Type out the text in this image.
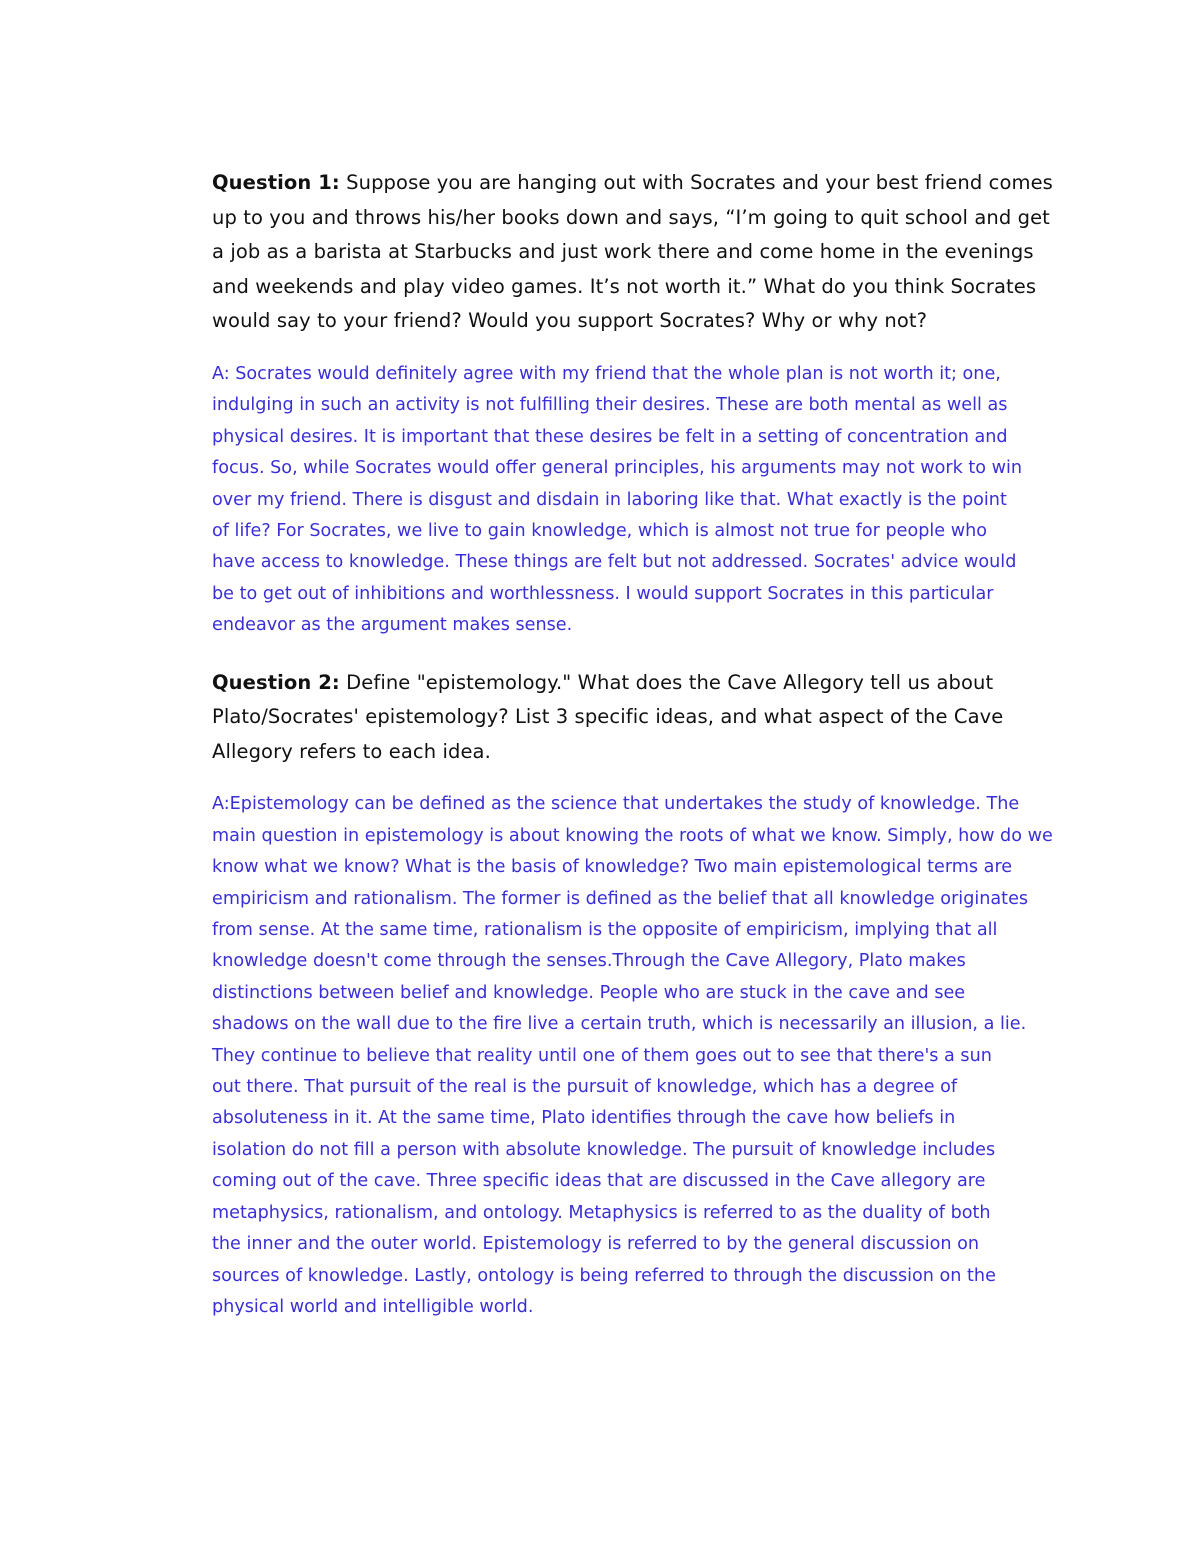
Question 1: Suppose you are hanging out with Socrates and your best friend comes
up to you and throws his/her books down and says, “I’m going to quit school and get
a job as a barista at Starbucks and just work there and come home in the evenings
and weekends and play video games. It’s not worth it.” What do you think Socrates
would say to your friend? Would you support Socrates? Why or why not?
A: Socrates would definitely agree with my friend that the whole plan is not worth it; one,
indulging in such an activity is not fulfilling their desires. These are both mental as well as
physical desires. It is important that these desires be felt in a setting of concentration and
focus. So, while Socrates would offer general principles, his arguments may not work to win
over my friend. There is disgust and disdain in laboring like that. What exactly is the point
of life? For Socrates, we live to gain knowledge, which is almost not true for people who
have access to knowledge. These things are felt but not addressed. Socrates' advice would
be to get out of inhibitions and worthlessness. I would support Socrates in this particular
endeavor as the argument makes sense.
Question 2: Define "epistemology." What does the Cave Allegory tell us about
Plato/Socrates' epistemology? List 3 specific ideas, and what aspect of the Cave
Allegory refers to each idea.
A:Epistemology can be defined as the science that undertakes the study of knowledge. The
main question in epistemology is about knowing the roots of what we know. Simply, how do we
know what we know? What is the basis of knowledge? Two main epistemological terms are
empiricism and rationalism. The former is defined as the belief that all knowledge originates
from sense. At the same time, rationalism is the opposite of empiricism, implying that all
knowledge doesn't come through the senses.Through the Cave Allegory, Plato makes
distinctions between belief and knowledge. People who are stuck in the cave and see
shadows on the wall due to the fire live a certain truth, which is necessarily an illusion, a lie.
They continue to believe that reality until one of them goes out to see that there's a sun
out there. That pursuit of the real is the pursuit of knowledge, which has a degree of
absoluteness in it. At the same time, Plato identifies through the cave how beliefs in
isolation do not fill a person with absolute knowledge. The pursuit of knowledge includes
coming out of the cave. Three specific ideas that are discussed in the Cave allegory are
metaphysics, rationalism, and ontology. Metaphysics is referred to as the duality of both
the inner and the outer world. Epistemology is referred to by the general discussion on
sources of knowledge. Lastly, ontology is being referred to through the discussion on the
physical world and intelligible world.
